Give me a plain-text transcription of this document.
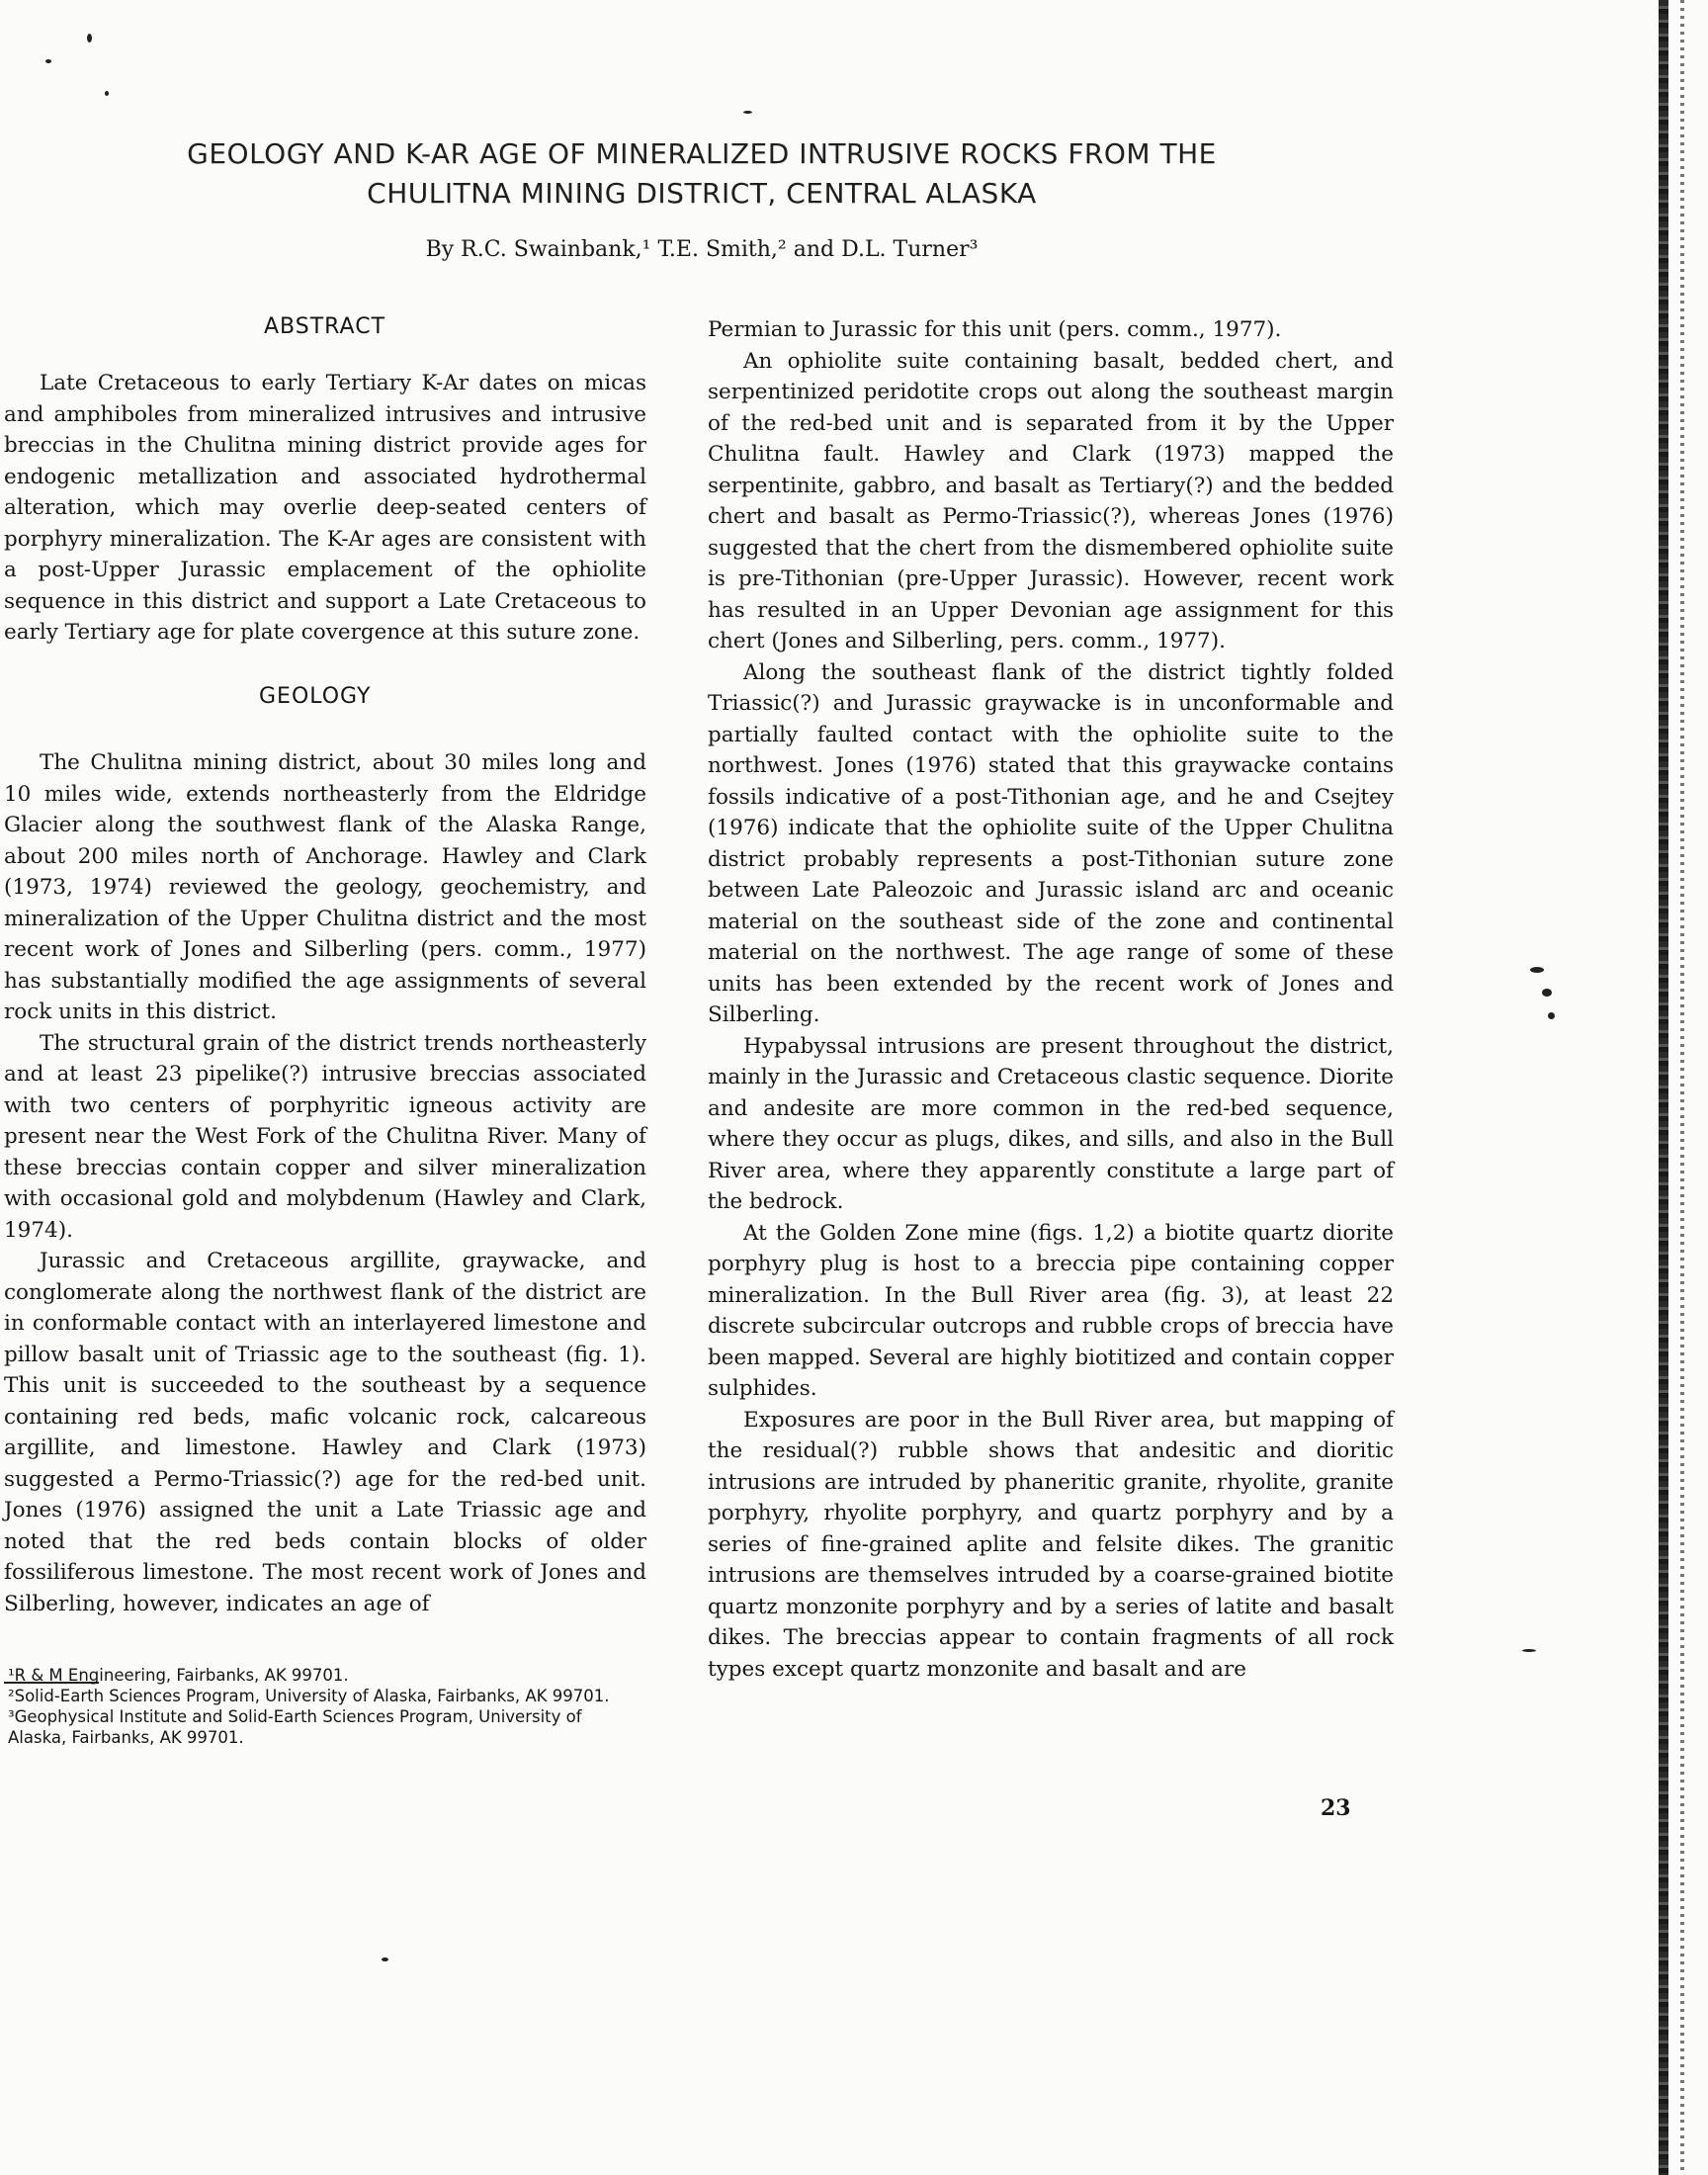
GEOLOGY AND K-AR AGE OF MINERALIZED INTRUSIVE ROCKS FROM THE
CHULITNA MINING DISTRICT, CENTRAL ALASKA

By R.C. Swainbank,¹ T.E. Smith,² and D.L. Turner³

ABSTRACT

Late Cretaceous to early Tertiary K-Ar dates on micas and amphiboles from mineralized intrusives and intrusive breccias in the Chulitna mining district provide ages for endogenic metallization and associated hydrothermal alteration, which may overlie deep-seated centers of porphyry mineralization. The K-Ar ages are consistent with a post-Upper Jurassic emplacement of the ophiolite sequence in this district and support a Late Cretaceous to early Tertiary age for plate covergence at this suture zone.

GEOLOGY

The Chulitna mining district, about 30 miles long and 10 miles wide, extends northeasterly from the Eldridge Glacier along the southwest flank of the Alaska Range, about 200 miles north of Anchorage. Hawley and Clark (1973, 1974) reviewed the geology, geochemistry, and mineralization of the Upper Chulitna district and the most recent work of Jones and Silberling (pers. comm., 1977) has substantially modified the age assignments of several rock units in this district.

The structural grain of the district trends northeasterly and at least 23 pipelike(?) intrusive breccias associated with two centers of porphyritic igneous activity are present near the West Fork of the Chulitna River. Many of these breccias contain copper and silver mineralization with occasional gold and molybdenum (Hawley and Clark, 1974).

Jurassic and Cretaceous argillite, graywacke, and conglomerate along the northwest flank of the district are in conformable contact with an interlayered limestone and pillow basalt unit of Triassic age to the southeast (fig. 1). This unit is succeeded to the southeast by a sequence containing red beds, mafic volcanic rock, calcareous argillite, and limestone. Hawley and Clark (1973) suggested a Permo-Triassic(?) age for the red-bed unit. Jones (1976) assigned the unit a Late Triassic age and noted that the red beds contain blocks of older fossiliferous limestone. The most recent work of Jones and Silberling, however, indicates an age of

¹R & M Engineering, Fairbanks, AK 99701.

²Solid-Earth Sciences Program, University of Alaska, Fairbanks, AK 99701.

³Geophysical Institute and Solid-Earth Sciences Program, University of Alaska, Fairbanks, AK 99701.

Permian to Jurassic for this unit (pers. comm., 1977).

An ophiolite suite containing basalt, bedded chert, and serpentinized peridotite crops out along the southeast margin of the red-bed unit and is separated from it by the Upper Chulitna fault. Hawley and Clark (1973) mapped the serpentinite, gabbro, and basalt as Tertiary(?) and the bedded chert and basalt as Permo-Triassic(?), whereas Jones (1976) suggested that the chert from the dismembered ophiolite suite is pre-Tithonian (pre-Upper Jurassic). However, recent work has resulted in an Upper Devonian age assignment for this chert (Jones and Silberling, pers. comm., 1977).

Along the southeast flank of the district tightly folded Triassic(?) and Jurassic graywacke is in unconformable and partially faulted contact with the ophiolite suite to the northwest. Jones (1976) stated that this graywacke contains fossils indicative of a post-Tithonian age, and he and Csejtey (1976) indicate that the ophiolite suite of the Upper Chulitna district probably represents a post-Tithonian suture zone between Late Paleozoic and Jurassic island arc and oceanic material on the southeast side of the zone and continental material on the northwest. The age range of some of these units has been extended by the recent work of Jones and Silberling.

Hypabyssal intrusions are present throughout the district, mainly in the Jurassic and Cretaceous clastic sequence. Diorite and andesite are more common in the red-bed sequence, where they occur as plugs, dikes, and sills, and also in the Bull River area, where they apparently constitute a large part of the bedrock.

At the Golden Zone mine (figs. 1,2) a biotite quartz diorite porphyry plug is host to a breccia pipe containing copper mineralization. In the Bull River area (fig. 3), at least 22 discrete subcircular outcrops and rubble crops of breccia have been mapped. Several are highly biotitized and contain copper sulphides.

Exposures are poor in the Bull River area, but mapping of the residual(?) rubble shows that andesitic and dioritic intrusions are intruded by phaneritic granite, rhyolite, granite porphyry, rhyolite porphyry, and quartz porphyry and by a series of fine-grained aplite and felsite dikes. The granitic intrusions are themselves intruded by a coarse-grained biotite quartz monzonite porphyry and by a series of latite and basalt dikes. The breccias appear to contain fragments of all rock types except quartz monzonite and basalt and are

23
